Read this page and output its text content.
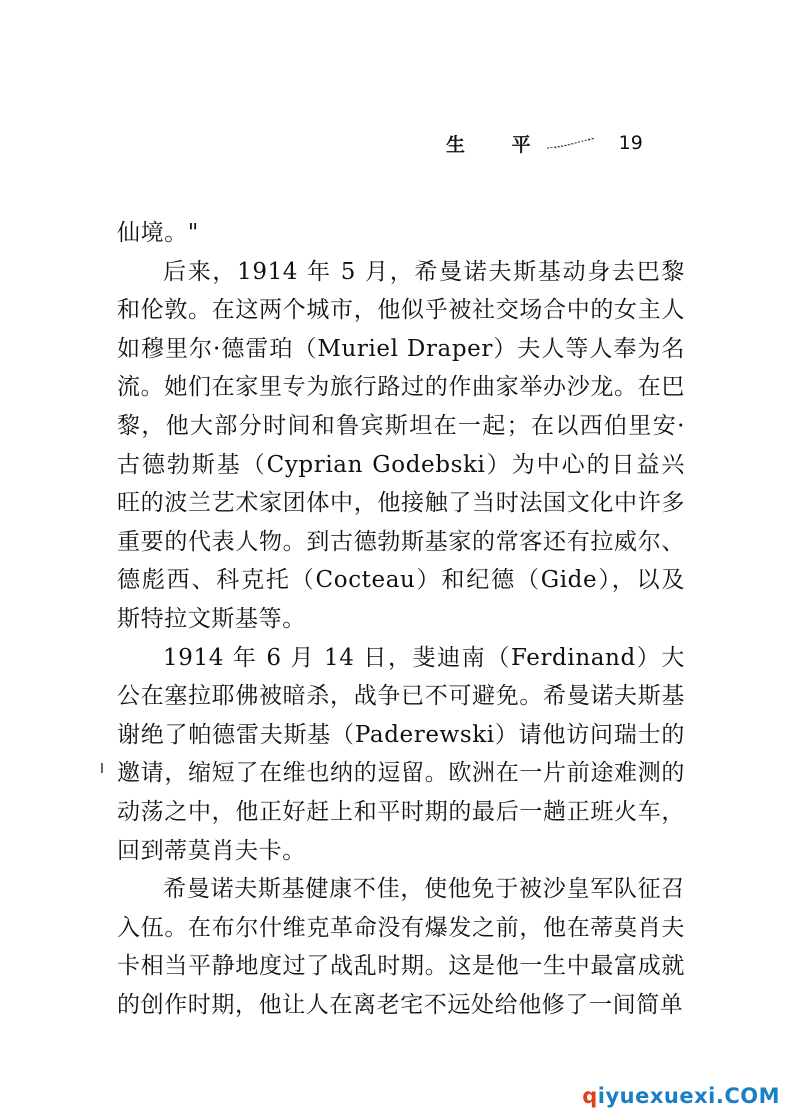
生 平	19

仙境。"

后来，1914 年 5 月，希曼诺夫斯基动身去巴黎和伦敦。在这两个城市，他似乎被社交场合中的女主人如穆里尔·德雷珀（Muriel Draper）夫人等人奉为名流。她们在家里专为旅行路过的作曲家举办沙龙。在巴黎，他大部分时间和鲁宾斯坦在一起；在以西伯里安·古德勃斯基（Cyprian Godebski）为中心的日益兴旺的波兰艺术家团体中，他接触了当时法国文化中许多重要的代表人物。到古德勃斯基家的常客还有拉威尔、德彪西、科克托（Cocteau）和纪德（Gide），以及斯特拉文斯基等。

1914 年 6 月 14 日，斐迪南（Ferdinand）大公在塞拉耶佛被暗杀，战争已不可避免。希曼诺夫斯基谢绝了帕德雷夫斯基（Paderewski）请他访问瑞士的邀请，缩短了在维也纳的逗留。欧洲在一片前途难测的动荡之中，他正好赶上和平时期的最后一趟正班火车，回到蒂莫肖夫卡。

希曼诺夫斯基健康不佳，使他免于被沙皇军队征召入伍。在布尔什维克革命没有爆发之前，他在蒂莫肖夫卡相当平静地度过了战乱时期。这是他一生中最富成就的创作时期，他让人在离老宅不远处给他修了一间简单

q iyuexuexi.COM
